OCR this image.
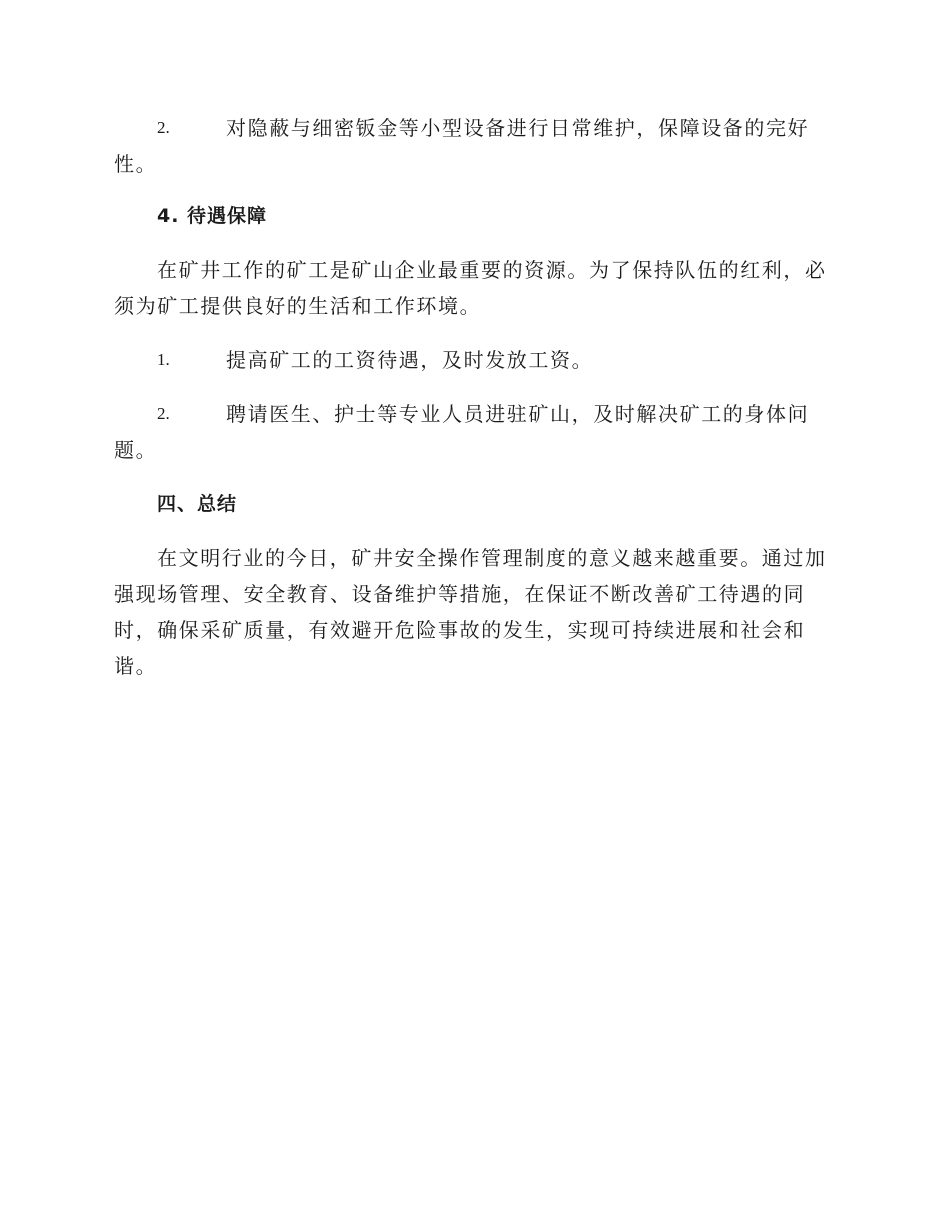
2.	对隐蔽与细密钣金等小型设备进行日常维护，保障设备的完好
性。
4. 待遇保障
在矿井工作的矿工是矿山企业最重要的资源。为了保持队伍的红利，必
须为矿工提供良好的生活和工作环境。
1.	提高矿工的工资待遇，及时发放工资。
2.	聘请医生、护士等专业人员进驻矿山，及时解决矿工的身体问
题。
四、总结
在文明行业的今日，矿井安全操作管理制度的意义越来越重要。通过加
强现场管理、安全教育、设备维护等措施，在保证不断改善矿工待遇的同
时，确保采矿质量，有效避开危险事故的发生，实现可持续进展和社会和
谐。
